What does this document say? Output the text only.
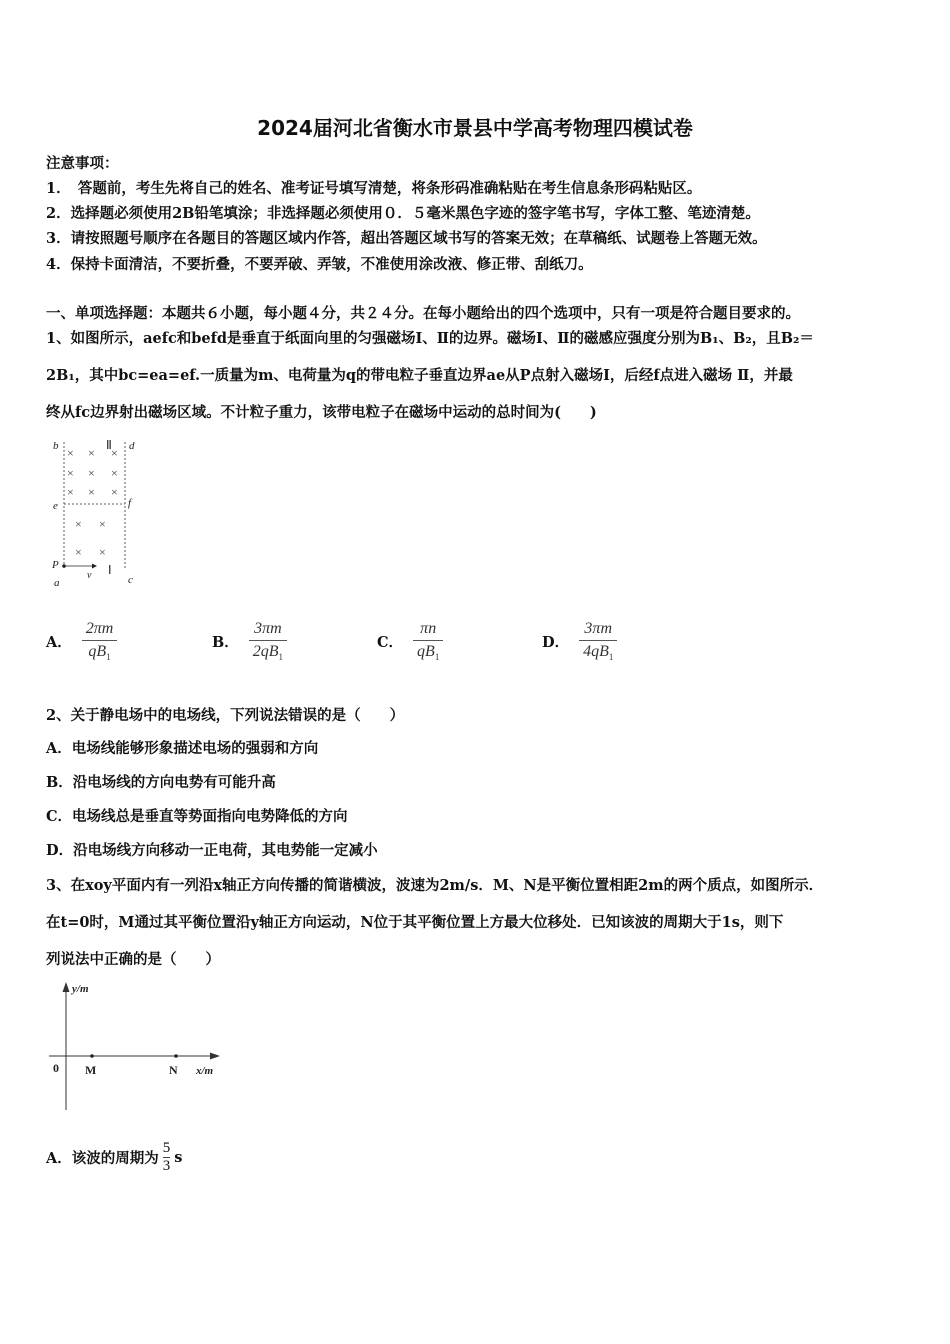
2024届河北省衡水市景县中学高考物理四模试卷
注意事项：
1．　答题前，考生先将自己的姓名、准考证号填写清楚，将条形码准确粘贴在考生信息条形码粘贴区。
2．选择题必须使用2B铅笔填涂；非选择题必须使用０．５毫米黑色字迹的签字笔书写，字体工整、笔迹清楚。
3．请按照题号顺序在各题目的答题区域内作答，超出答题区域书写的答案无效；在草稿纸、试题卷上答题无效。
4．保持卡面清洁，不要折叠，不要弄破、弄皱，不准使用涂改液、修正带、刮纸刀。
一、单项选择题：本题共６小题，每小题４分，共２４分。在每小题给出的四个选项中，只有一项是符合题目要求的。
1、如图所示，aefc和befd是垂直于纸面向里的匀强磁场Ⅰ、Ⅱ的边界。磁场Ⅰ、Ⅱ的磁感应强度分别为B₁、B₂，且B₂＝
2B₁，其中bc=ea=ef.一质量为m、电荷量为q的带电粒子垂直边界ae从P点射入磁场Ⅰ，后经f点进入磁场 Ⅱ，并最
终从fc边界射出磁场区域。不计粒子重力，该带电粒子在磁场中运动的总时间为(　　)
× × ×
× × ×
× × ×
× ×
× ×
b	d
e	f
P
a	c
v
Ⅱ
Ⅰ
A． $\frac{2\pi m}{qB_1}$	B． $\frac{3\pi m}{2qB_1}$	C． $\frac{\pi n}{qB_1}$	D． $\frac{3\pi m}{4qB_1}$
2、关于静电场中的电场线，下列说法错误的是（　　）
A．电场线能够形象描述电场的强弱和方向
B．沿电场线的方向电势有可能升高
C．电场线总是垂直等势面指向电势降低的方向
D．沿电场线方向移动一正电荷，其电势能一定减小
3、在xoy平面内有一列沿x轴正方向传播的简谐横波，波速为2m/s．M、N是平衡位置相距2m的两个质点，如图所示．
在t=0时，M通过其平衡位置沿y轴正方向运动，N位于其平衡位置上方最大位移处．已知该波的周期大于1s，则下
列说法中正确的是（　　）
y/m
x/m
0 M	N
A．该波的周期为
5
3 s
